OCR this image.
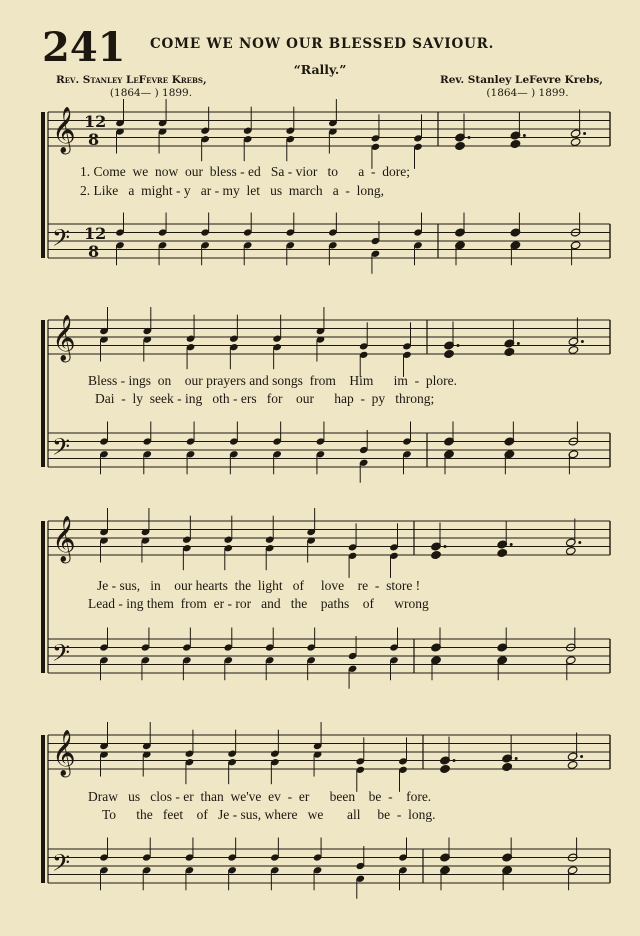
241 COME WE NOW OUR BLESSED SAVIOUR.
“Rally.”
Rev. Stanley LeFevre Krebs,
(1864— ) 1899.
Rev. Stanley LeFevre Krebs,
(1864— ) 1899.
𝄞
𝄢
12
8
12
8
𝄞
𝄢
𝄞
𝄢
𝄞
𝄢
1. Come  we  now  our  bless - ed   Sa - vior   to      a  -  dore;
2. Like   a  might - y   ar - my  let   us  march   a  -  long,
Bless - ings  on    our prayers and songs  from    Him      im  -  plore.
Dai  -  ly  seek - ing   oth - ers   for    our      hap  -  py   throng;
Je - sus,   in    our hearts  the  light   of     love    re  -  store !
Lead - ing them  from  er - ror   and   the    paths    of      wrong
Draw   us   clos - er  than  we've  ev  -  er      been    be  -    fore.
To      the   feet    of   Je - sus, where   we       all     be  -  long.
